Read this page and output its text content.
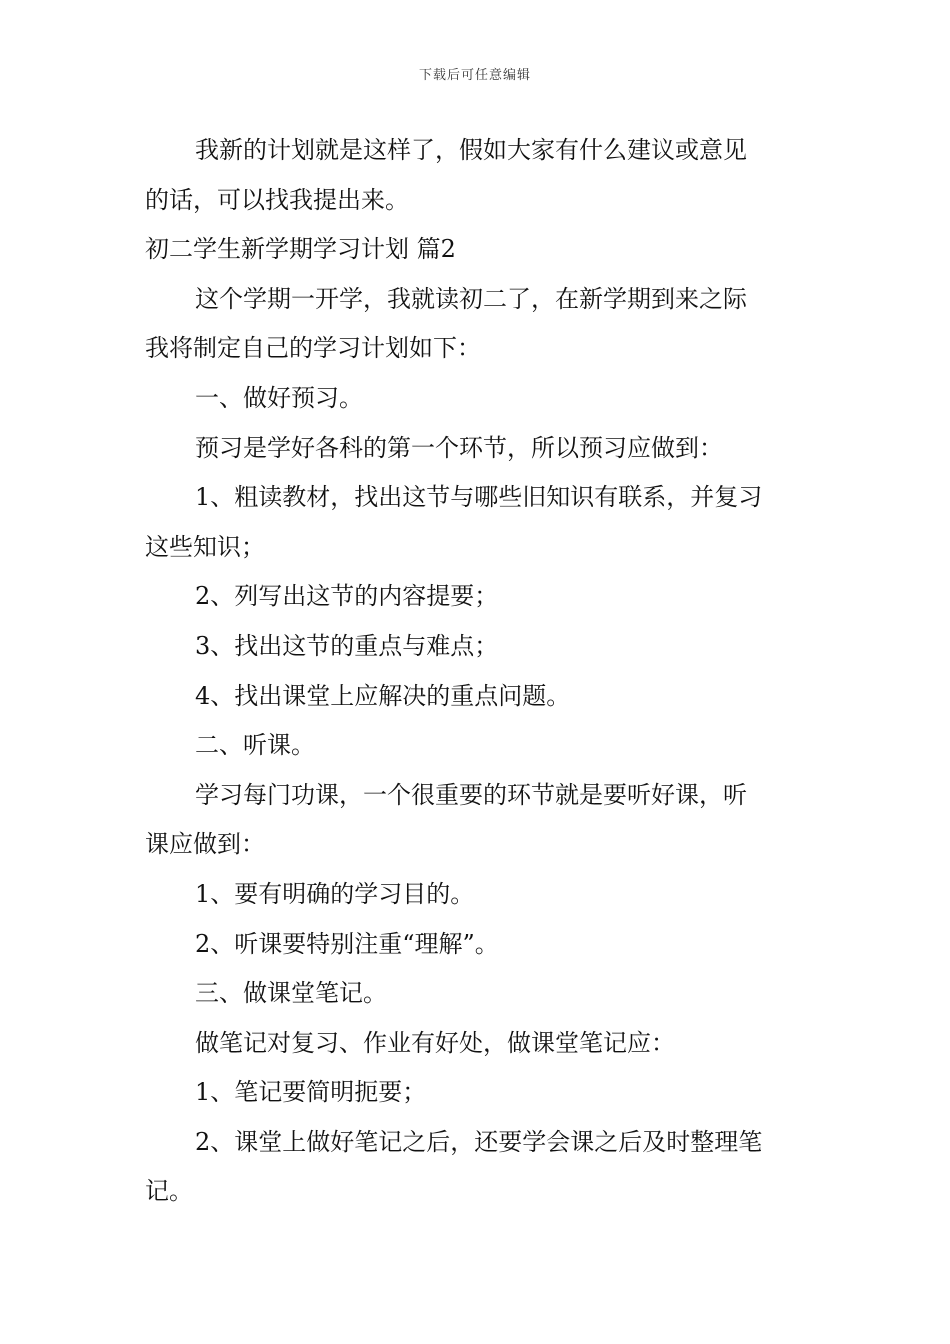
下载后可任意编辑
我新的计划就是这样了，假如大家有什么建议或意见
的话，可以找我提出来。
初二学生新学期学习计划 篇2
这个学期一开学，我就读初二了，在新学期到来之际
我将制定自己的学习计划如下：
一、做好预习。
预习是学好各科的第一个环节，所以预习应做到：
1、粗读教材，找出这节与哪些旧知识有联系，并复习
这些知识；
2、列写出这节的内容提要；
3、找出这节的重点与难点；
4、找出课堂上应解决的重点问题。
二、听课。
学习每门功课，一个很重要的环节就是要听好课，听
课应做到：
1、要有明确的学习目的。
2、听课要特别注重“理解”。
三、做课堂笔记。
做笔记对复习、作业有好处，做课堂笔记应：
1、笔记要简明扼要；
2、课堂上做好笔记之后，还要学会课之后及时整理笔
记。
